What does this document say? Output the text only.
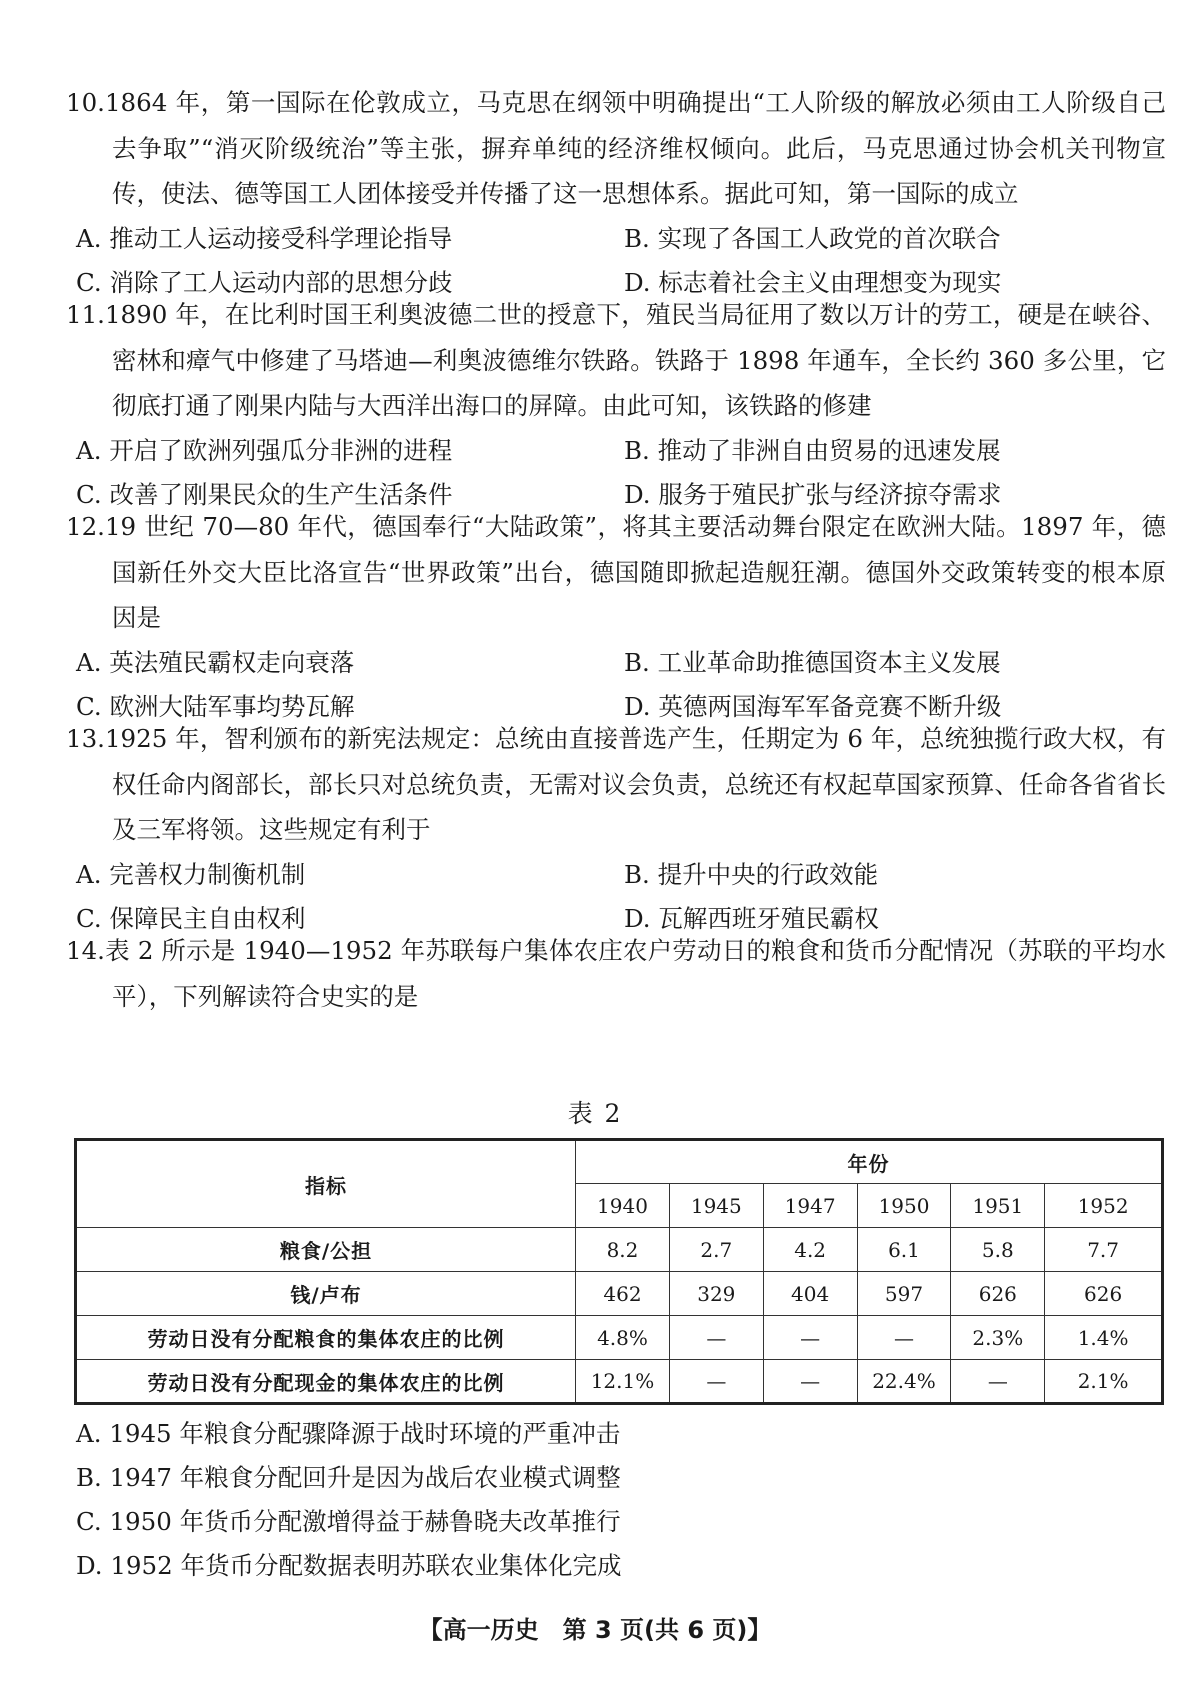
10.1864 年，第一国际在伦敦成立，马克思在纲领中明确提出“工人阶级的解放必须由工人阶级自己去争取”“消灭阶级统治”等主张，摒弃单纯的经济维权倾向。此后，马克思通过协会机关刊物宣传，使法、德等国工人团体接受并传播了这一思想体系。据此可知，第一国际的成立

A. 推动工人运动接受科学理论指导	B. 实现了各国工人政党的首次联合
C. 消除了工人运动内部的思想分歧	D. 标志着社会主义由理想变为现实

11.1890 年，在比利时国王利奥波德二世的授意下，殖民当局征用了数以万计的劳工，硬是在峡谷、密林和瘴气中修建了马塔迪—利奥波德维尔铁路。铁路于 1898 年通车，全长约 360 多公里，它彻底打通了刚果内陆与大西洋出海口的屏障。由此可知，该铁路的修建

A. 开启了欧洲列强瓜分非洲的进程	B. 推动了非洲自由贸易的迅速发展
C. 改善了刚果民众的生产生活条件	D. 服务于殖民扩张与经济掠夺需求

12.19 世纪 70—80 年代，德国奉行“大陆政策”，将其主要活动舞台限定在欧洲大陆。1897 年，德国新任外交大臣比洛宣告“世界政策”出台，德国随即掀起造舰狂潮。德国外交政策转变的根本原因是

A. 英法殖民霸权走向衰落	B. 工业革命助推德国资本主义发展
C. 欧洲大陆军事均势瓦解	D. 英德两国海军军备竞赛不断升级

13.1925 年，智利颁布的新宪法规定：总统由直接普选产生，任期定为 6 年，总统独揽行政大权，有权任命内阁部长，部长只对总统负责，无需对议会负责，总统还有权起草国家预算、任命各省省长及三军将领。这些规定有利于

A. 完善权力制衡机制	B. 提升中央的行政效能
C. 保障民主自由权利	D. 瓦解西班牙殖民霸权

14.表 2 所示是 1940—1952 年苏联每户集体农庄农户劳动日的粮食和货币分配情况（苏联的平均水平），下列解读符合史实的是

表 2
指标	年份					
	1940	1945	1947	1950	1951	1952
粮食/公担	8.2	2.7	4.2	6.1	5.8	7.7
钱/卢布	462	329	404	597	626	626
劳动日没有分配粮食的集体农庄的比例	4.8%	—	—	—	2.3%	1.4%
劳动日没有分配现金的集体农庄的比例	12.1%	—	—	22.4%	—	2.1%
A. 1945 年粮食分配骤降源于战时环境的严重冲击
B. 1947 年粮食分配回升是因为战后农业模式调整
C. 1950 年货币分配激增得益于赫鲁晓夫改革推行
D. 1952 年货币分配数据表明苏联农业集体化完成
【高一历史　第 3 页(共 6 页)】
